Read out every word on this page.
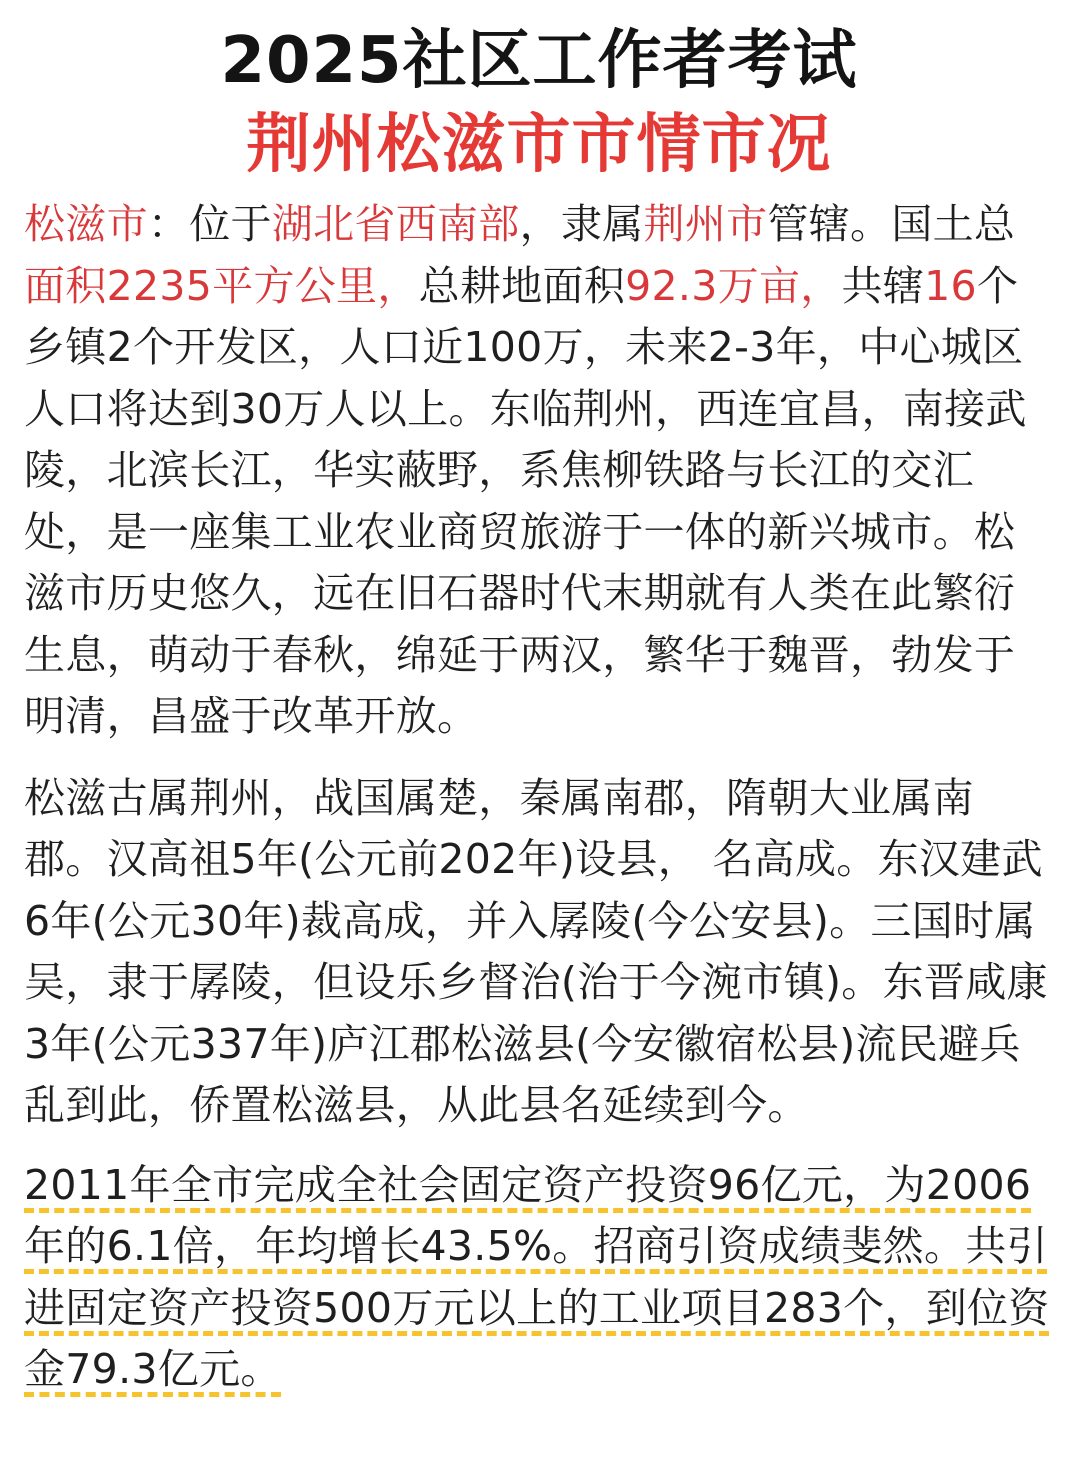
2025社区工作者考试
荆州松滋市市情市况

松滋市：位于湖北省西南部，隶属荆州市管辖。国土总面积2235平方公里，总耕地面积92.3万亩，共辖16个乡镇2个开发区，人口近100万，未来2-3年，中心城区人口将达到30万人以上。东临荆州，西连宜昌，南接武陵，北滨长江，华实蔽野，系焦柳铁路与长江的交汇处，是一座集工业农业商贸旅游于一体的新兴城市。松滋市历史悠久，远在旧石器时代末期就有人类在此繁衍生息，萌动于春秋，绵延于两汉，繁华于魏晋，勃发于明清，昌盛于改革开放。

松滋古属荆州，战国属楚，秦属南郡，隋朝大业属南郡。汉高祖5年(公元前202年)设县， 名高成。东汉建武6年(公元30年)裁高成，并入孱陵(今公安县)。三国时属吴，隶于孱陵，但设乐乡督治(治于今涴市镇)。东晋咸康3年(公元337年)庐江郡松滋县(今安徽宿松县)流民避兵乱到此，侨置松滋县，从此县名延续到今。

2011年全市完成全社会固定资产投资96亿元，为2006年的6.1倍，年均增长43.5%。招商引资成绩斐然。共引进固定资产投资500万元以上的工业项目283个，到位资金79.3亿元。
